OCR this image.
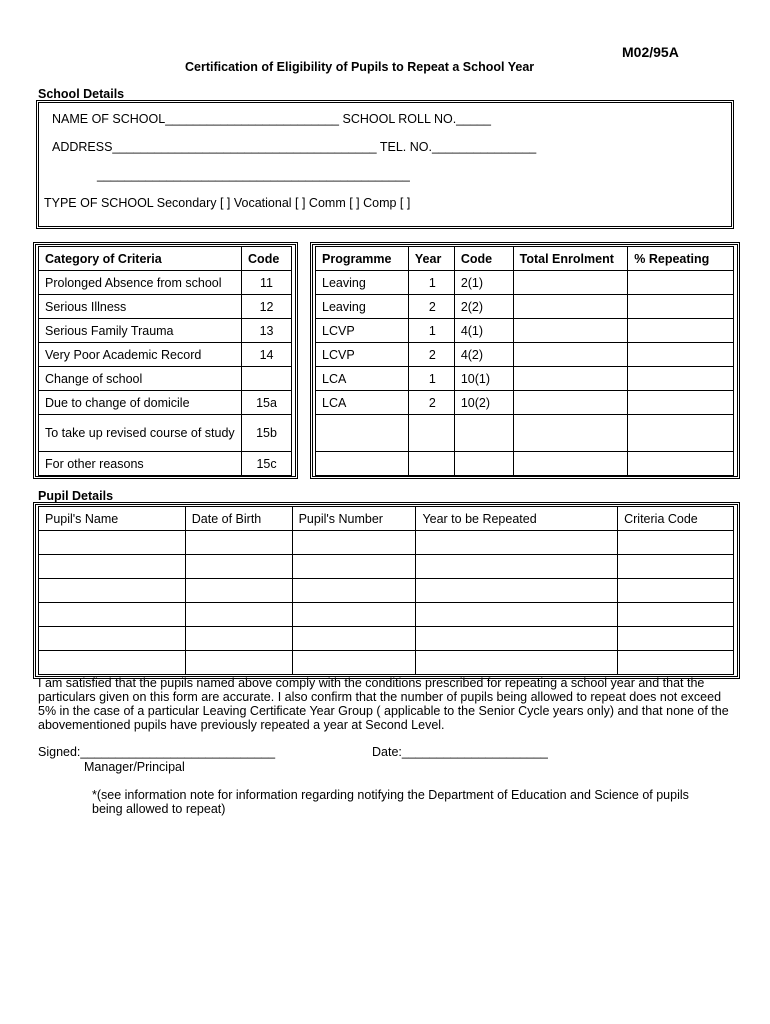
M02/95A
Certification of Eligibility of Pupils to Repeat a School Year
School Details
NAME OF SCHOOL_________________________ SCHOOL ROLL NO._____
ADDRESS______________________________________ TEL. NO._______________
_____________________________________________
TYPE OF SCHOOL Secondary [ ] Vocational [ ] Comm [ ] Comp [ ]
Category of Criteria	Code
Prolonged Absence from school	11
Serious Illness	12
Serious Family Trauma	13
Very Poor Academic Record	14
Change of school	
Due to change of domicile	15a
To take up revised course of study	15b
For other reasons	15c
Programme	Year	Code	Total Enrolment	% Repeating
Leaving	1	2(1)		
Leaving	2	2(2)		
LCVP	1	4(1)		
LCVP	2	4(2)		
LCA	1	10(1)		
LCA	2	10(2)		

Pupil Details
Pupil's Name	Date of Birth	Pupil's Number	Year to be Repeated	Criteria Code

I am satisfied that the pupils named above comply with the conditions prescribed for repeating a school year and that the particulars given on this form are accurate. I also confirm that the number of pupils being allowed to repeat does not exceed 5% in the case of a particular Leaving Certificate Year Group ( applicable to the Senior Cycle years only) and that none of the abovementioned pupils have previously repeated a year at Second Level.
Signed:____________________________	Date:_____________________
Manager/Principal
*(see information note for information regarding notifying the Department of Education and Science of pupils being allowed to repeat)
